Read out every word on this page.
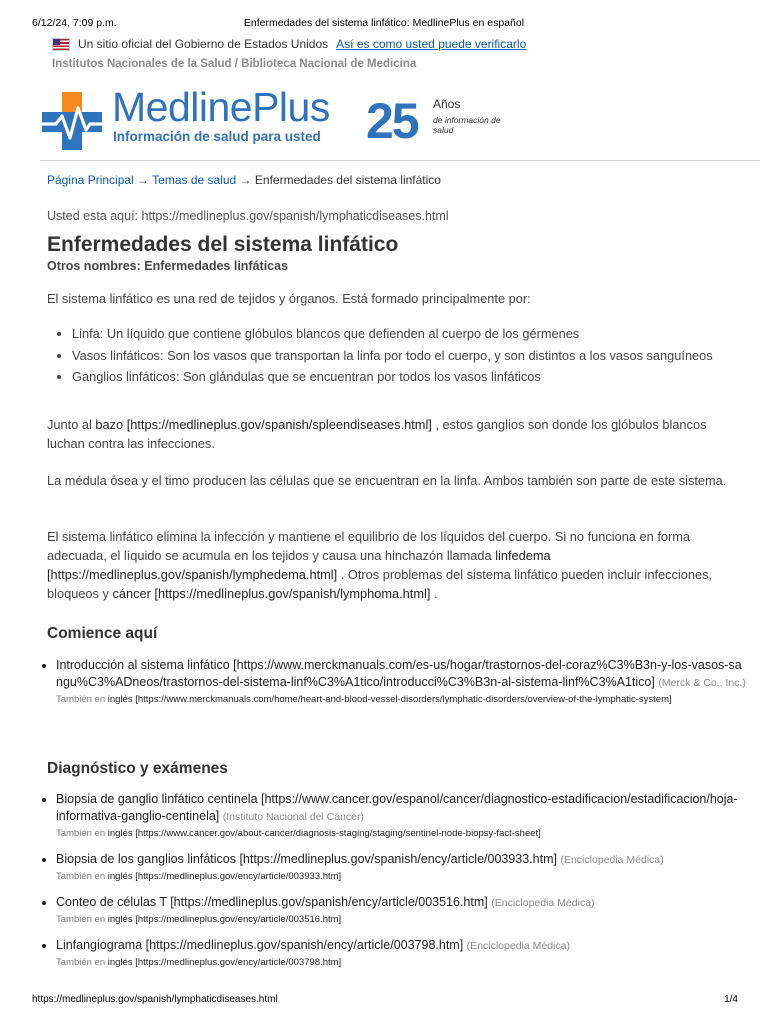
6/12/24, 7:09 p.m.	Enfermedades del sistema linfático: MedlinePlus en español
Un sitio oficial del Gobierno de Estados Unidos Así es como usted puede verificarlo
Institutos Nacionales de la Salud / Biblioteca Nacional de Medicina
MedlinePlus
Información de salud para usted 25 Años
de información de salud
Página Principal → Temas de salud → Enfermedades del sistema linfático
Usted esta aquí: https://medlineplus.gov/spanish/lymphaticdiseases.html
Enfermedades del sistema linfático
Otros nombres: Enfermedades linfáticas
El sistema linfático es una red de tejidos y órganos. Está formado principalmente por:
• Linfa: Un líquido que contiene glóbulos blancos que defienden al cuerpo de los gérmenes
• Vasos linfáticos: Son los vasos que transportan la linfa por todo el cuerpo, y son distintos a los vasos sanguíneos
• Ganglios linfáticos: Son glándulas que se encuentran por todos los vasos linfáticos
Junto al bazo [https://medlineplus.gov/spanish/spleendiseases.html] , estos ganglios son donde los glóbulos blancos luchan contra las infecciones.
La médula ósea y el timo producen las células que se encuentran en la linfa. Ambos también son parte de este sistema.
El sistema linfático elimina la infección y mantiene el equilibrio de los líquidos del cuerpo. Si no funciona en forma adecuada, el líquido se acumula en los tejidos y causa una hinchazón llamada linfedema [https://medlineplus.gov/spanish/lymphedema.html] . Otros problemas del sistema linfático pueden incluir infecciones, bloqueos y cáncer [https://medlineplus.gov/spanish/lymphoma.html] .
Comience aquí
• Introducción al sistema linfático [https://www.merckmanuals.com/es-us/hogar/trastornos-del-coraz%C3%B3n-y-los-vasos-sangu%C3%ADneos/trastornos-del-sistema-linf%C3%A1tico/introducci%C3%B3n-al-sistema-linf%C3%A1tico] (Merck & Co., Inc.)
También en inglés [https://www.merckmanuals.com/home/heart-and-blood-vessel-disorders/lymphatic-disorders/overview-of-the-lymphatic-system]
Diagnóstico y exámenes
• Biopsia de ganglio linfático centinela [https://www.cancer.gov/espanol/cancer/diagnostico-estadificacion/estadificacion/hoja-informativa-ganglio-centinela] (Instituto Nacional del Cáncer)
También en inglés [https://www.cancer.gov/about-cancer/diagnosis-staging/staging/sentinel-node-biopsy-fact-sheet]
• Biopsia de los ganglios linfáticos [https://medlineplus.gov/spanish/ency/article/003933.htm] (Enciclopedia Médica)
También en inglés [https://medlineplus.gov/ency/article/003933.htm]
• Conteo de células T [https://medlineplus.gov/spanish/ency/article/003516.htm] (Enciclopedia Médica)
También en inglés [https://medlineplus.gov/ency/article/003516.htm]
• Linfangiograma [https://medlineplus.gov/spanish/ency/article/003798.htm] (Enciclopedia Médica)
También en inglés [https://medlineplus.gov/ency/article/003798.htm]
https://medlineplus.gov/spanish/lymphaticdiseases.html	1/4
